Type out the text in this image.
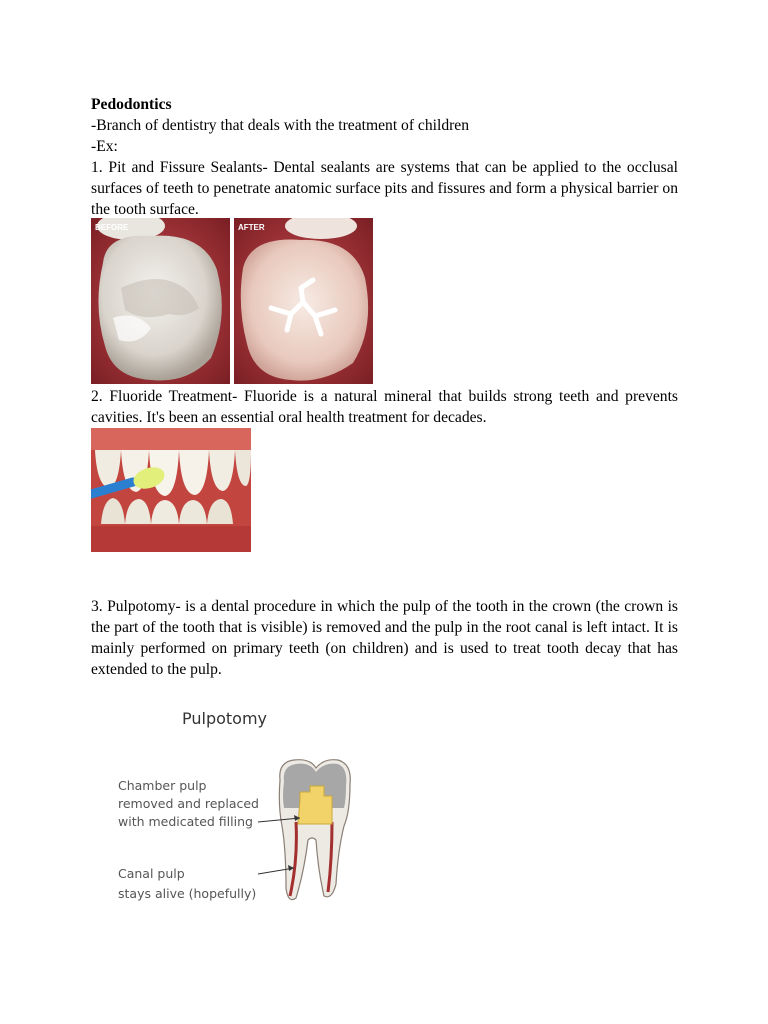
Pedodontics

-Branch of dentistry that deals with the treatment of children

-Ex:

1. Pit and Fissure Sealants- Dental sealants are systems that can be applied to the occlusal surfaces of teeth to penetrate anatomic surface pits and fissures and form a physical barrier on the tooth surface.

BEFORE	AFTER

2. Fluoride Treatment- Fluoride is a natural mineral that builds strong teeth and prevents cavities. It's been an essential oral health treatment for decades.

3. Pulpotomy- is a dental procedure in which the pulp of the tooth in the crown (the crown is the part of the tooth that is visible) is removed and the pulp in the root canal is left intact. It is mainly performed on primary teeth (on children) and is used to treat tooth decay that has extended to the pulp.

Pulpotomy
Chamber pulp
removed and replaced
with medicated filling
Canal pulp
stays alive (hopefully)
